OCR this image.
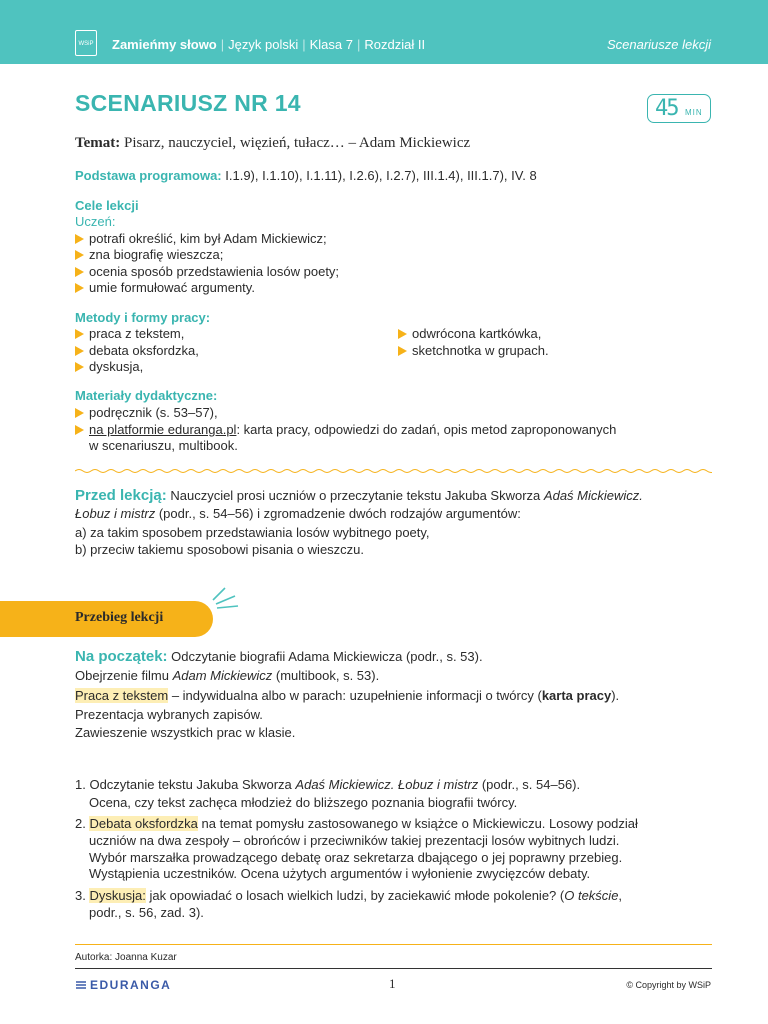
WSiP Zamieńmy słowo | Język polski | Klasa 7 | Rozdział II	Scenariusze lekcji
SCENARIUSZ NR 14	45 MIN
Temat: Pisarz, nauczyciel, więzień, tułacz… – Adam Mickiewicz
Podstawa programowa: I.1.9), I.1.10), I.1.11), I.2.6), I.2.7), III.1.4), III.1.7), IV. 8
Cele lekcji
Uczeń:
potrafi określić, kim był Adam Mickiewicz;
zna biografię wieszcza;
ocenia sposób przedstawienia losów poety;
umie formułować argumenty.
Metody i formy pracy:
praca z tekstem,
debata oksfordzka,
dyskusja,
odwrócona kartkówka,
sketchnotka w grupach.
Materiały dydaktyczne:
podręcznik (s. 53–57),
na platformie eduranga.pl: karta pracy, odpowiedzi do zadań, opis metod zaproponowanych
w scenariuszu, multibook.
Przed lekcją: Nauczyciel prosi uczniów o przeczytanie tekstu Jakuba Skworza Adaś Mickiewicz.
Łobuz i mistrz (podr., s. 54–56) i zgromadzenie dwóch rodzajów argumentów:
a) za takim sposobem przedstawiania losów wybitnego poety,
b) przeciw takiemu sposobowi pisania o wieszczu.
Przebieg lekcji
Na początek: Odczytanie biografii Adama Mickiewicza (podr., s. 53).
Obejrzenie filmu Adam Mickiewicz (multibook, s. 53).
Praca z tekstem – indywidualna albo w parach: uzupełnienie informacji o twórcy (karta pracy).
Prezentacja wybranych zapisów.
Zawieszenie wszystkich prac w klasie.
1. Odczytanie tekstu Jakuba Skworza Adaś Mickiewicz. Łobuz i mistrz (podr., s. 54–56).
Ocena, czy tekst zachęca młodzież do bliższego poznania biografii twórcy.
2. Debata oksfordzka na temat pomysłu zastosowanego w książce o Mickiewiczu. Losowy podział
uczniów na dwa zespoły – obrońców i przeciwników takiej prezentacji losów wybitnych ludzi.
Wybór marszałka prowadzącego debatę oraz sekretarza dbającego o jej poprawny przebieg.
Wystąpienia uczestników. Ocena użytych argumentów i wyłonienie zwycięzców debaty.
3. Dyskusja: jak opowiadać o losach wielkich ludzi, by zaciekawić młode pokolenie? (O tekście,
podr., s. 56, zad. 3).
Autorka: Joanna Kuzar
EDURANGA	1	© Copyright by WSiP
